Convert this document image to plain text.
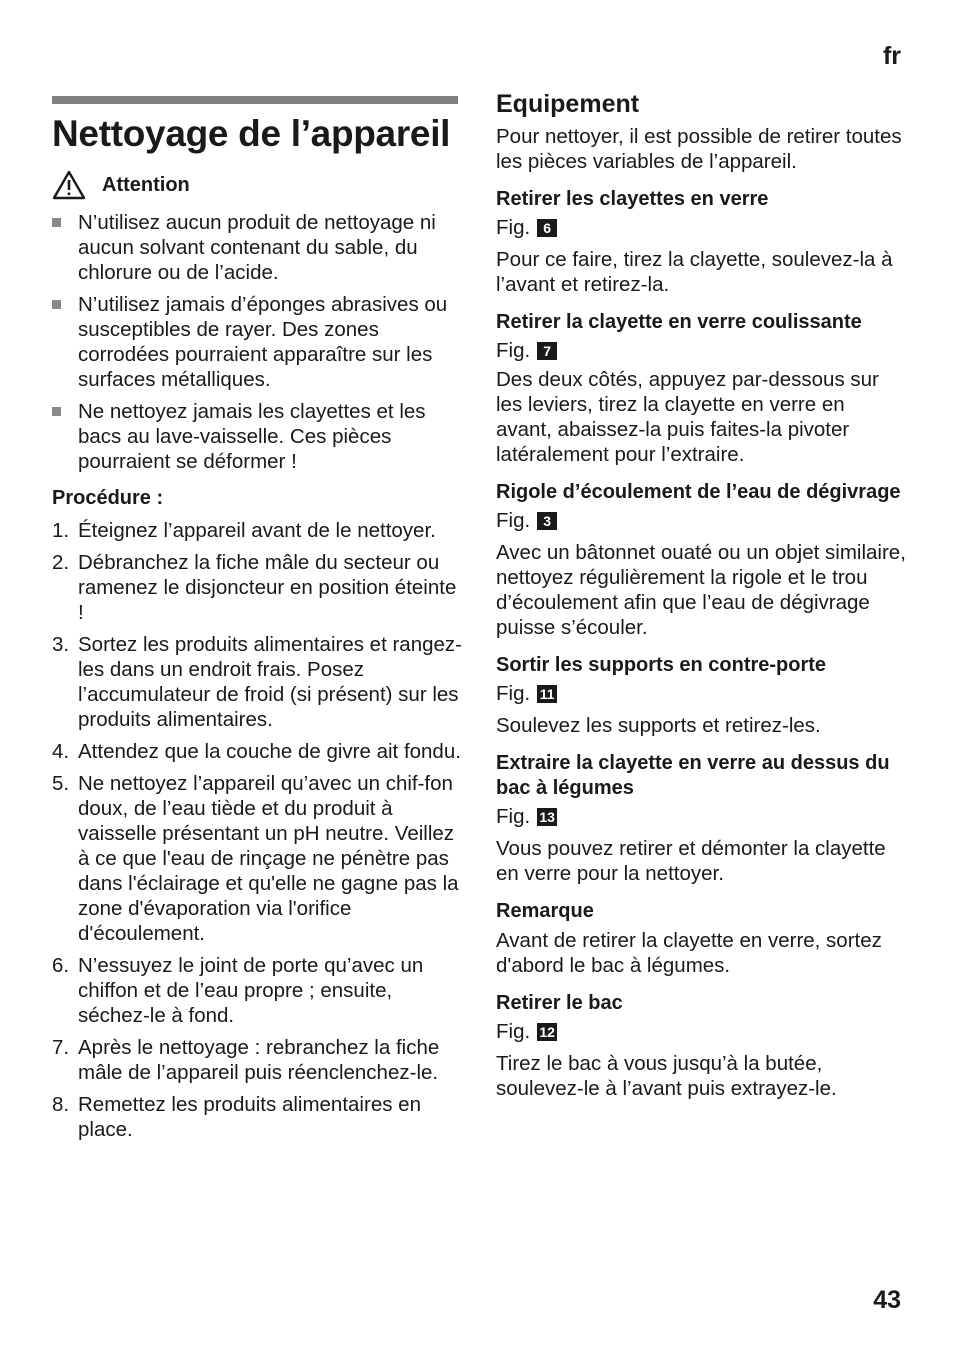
fr
Nettoyage de l’appareil
Attention
N’utilisez aucun produit de nettoyage ni aucun solvant contenant du sable, du chlorure ou de l’acide.
N’utilisez jamais d’éponges abrasives ou susceptibles de rayer. Des zones corrodées pourraient apparaître sur les surfaces métalliques.
Ne nettoyez jamais les clayettes et les bacs au lave-vaisselle. Ces pièces pourraient se déformer !
Procédure :
1. Éteignez l’appareil avant de le nettoyer.
2. Débranchez la fiche mâle du secteur ou ramenez le disjoncteur en position éteinte !
3. Sortez les produits alimentaires et rangez-les dans un endroit frais. Posez l’accumulateur de froid (si présent) sur les produits alimentaires.
4. Attendez que la couche de givre ait fondu.
5. Ne nettoyez l’appareil qu’avec un chif-fon doux, de l’eau tiède et du produit à vaisselle présentant un pH neutre. Veillez à ce que l'eau de rinçage ne pénètre pas dans l'éclairage et qu'elle ne gagne pas la zone d'évaporation via l'orifice d'écoulement.
6. N’essuyez le joint de porte qu’avec un chiffon et de l’eau propre ; ensuite, séchez-le à fond.
7. Après le nettoyage : rebranchez la fiche mâle de l’appareil puis réenclenchez-le.
8. Remettez les produits alimentaires en place.
Equipement

Pour nettoyer, il est possible de retirer toutes les pièces variables de l’appareil.

Retirer les clayettes en verre
Fig. 6

Pour ce faire, tirez la clayette, soulevez-la à l’avant et retirez-la.

Retirer la clayette en verre coulissante
Fig. 7

Des deux côtés, appuyez par-dessous sur les leviers, tirez la clayette en verre en avant, abaissez-la puis faites-la pivoter latéralement pour l’extraire.

Rigole d’écoulement de l’eau de dégivrage
Fig. 3

Avec un bâtonnet ouaté ou un objet similaire, nettoyez régulièrement la rigole et le trou d’écoulement afin que l’eau de dégivrage puisse s’écouler.

Sortir les supports en contre-porte
Fig. 11

Soulevez les supports et retirez-les.

Extraire la clayette en verre au dessus du bac à légumes
Fig. 13

Vous pouvez retirer et démonter la clayette en verre pour la nettoyer.

Remarque

Avant de retirer la clayette en verre, sortez d'abord le bac à légumes.

Retirer le bac
Fig. 12

Tirez le bac à vous jusqu’à la butée, soulevez-le à l’avant puis extrayez-le.

43
